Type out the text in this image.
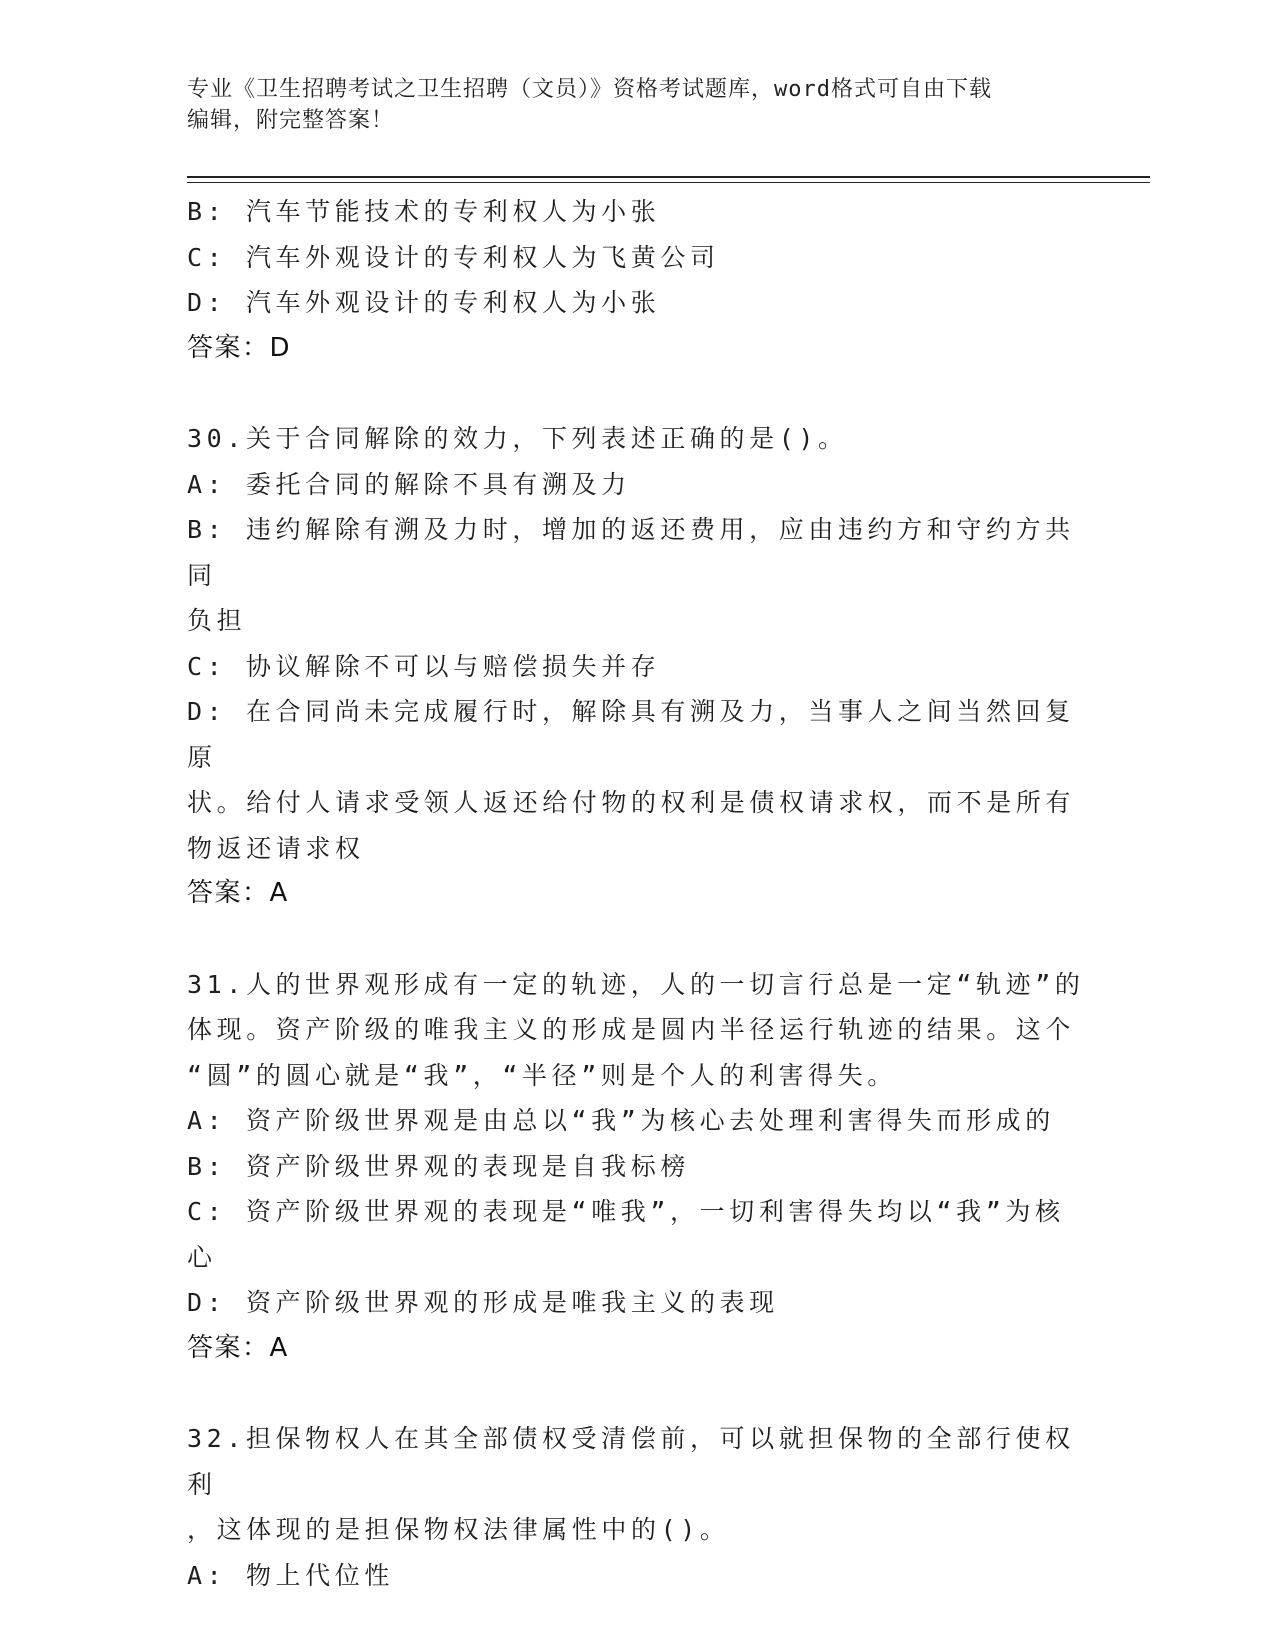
专业《卫生招聘考试之卫生招聘（文员）》资格考试题库，word格式可自由下载
编辑，附完整答案！
B: 汽车节能技术的专利权人为小张
C: 汽车外观设计的专利权人为飞黄公司
D: 汽车外观设计的专利权人为小张
答案：D
30.关于合同解除的效力，下列表述正确的是()。
A: 委托合同的解除不具有溯及力
B: 违约解除有溯及力时，增加的返还费用，应由违约方和守约方共同
负担
C: 协议解除不可以与赔偿损失并存
D: 在合同尚未完成履行时，解除具有溯及力，当事人之间当然回复原
状。给付人请求受领人返还给付物的权利是债权请求权，而不是所有
物返还请求权
答案：A
31.人的世界观形成有一定的轨迹，人的一切言行总是一定“轨迹”的
体现。资产阶级的唯我主义的形成是圆内半径运行轨迹的结果。这个
“圆”的圆心就是“我”，“半径”则是个人的利害得失。
A: 资产阶级世界观是由总以“我”为核心去处理利害得失而形成的
B: 资产阶级世界观的表现是自我标榜
C: 资产阶级世界观的表现是“唯我”，一切利害得失均以“我”为核
心
D: 资产阶级世界观的形成是唯我主义的表现
答案：A
32.担保物权人在其全部债权受清偿前，可以就担保物的全部行使权利
，这体现的是担保物权法律属性中的()。
A: 物上代位性
